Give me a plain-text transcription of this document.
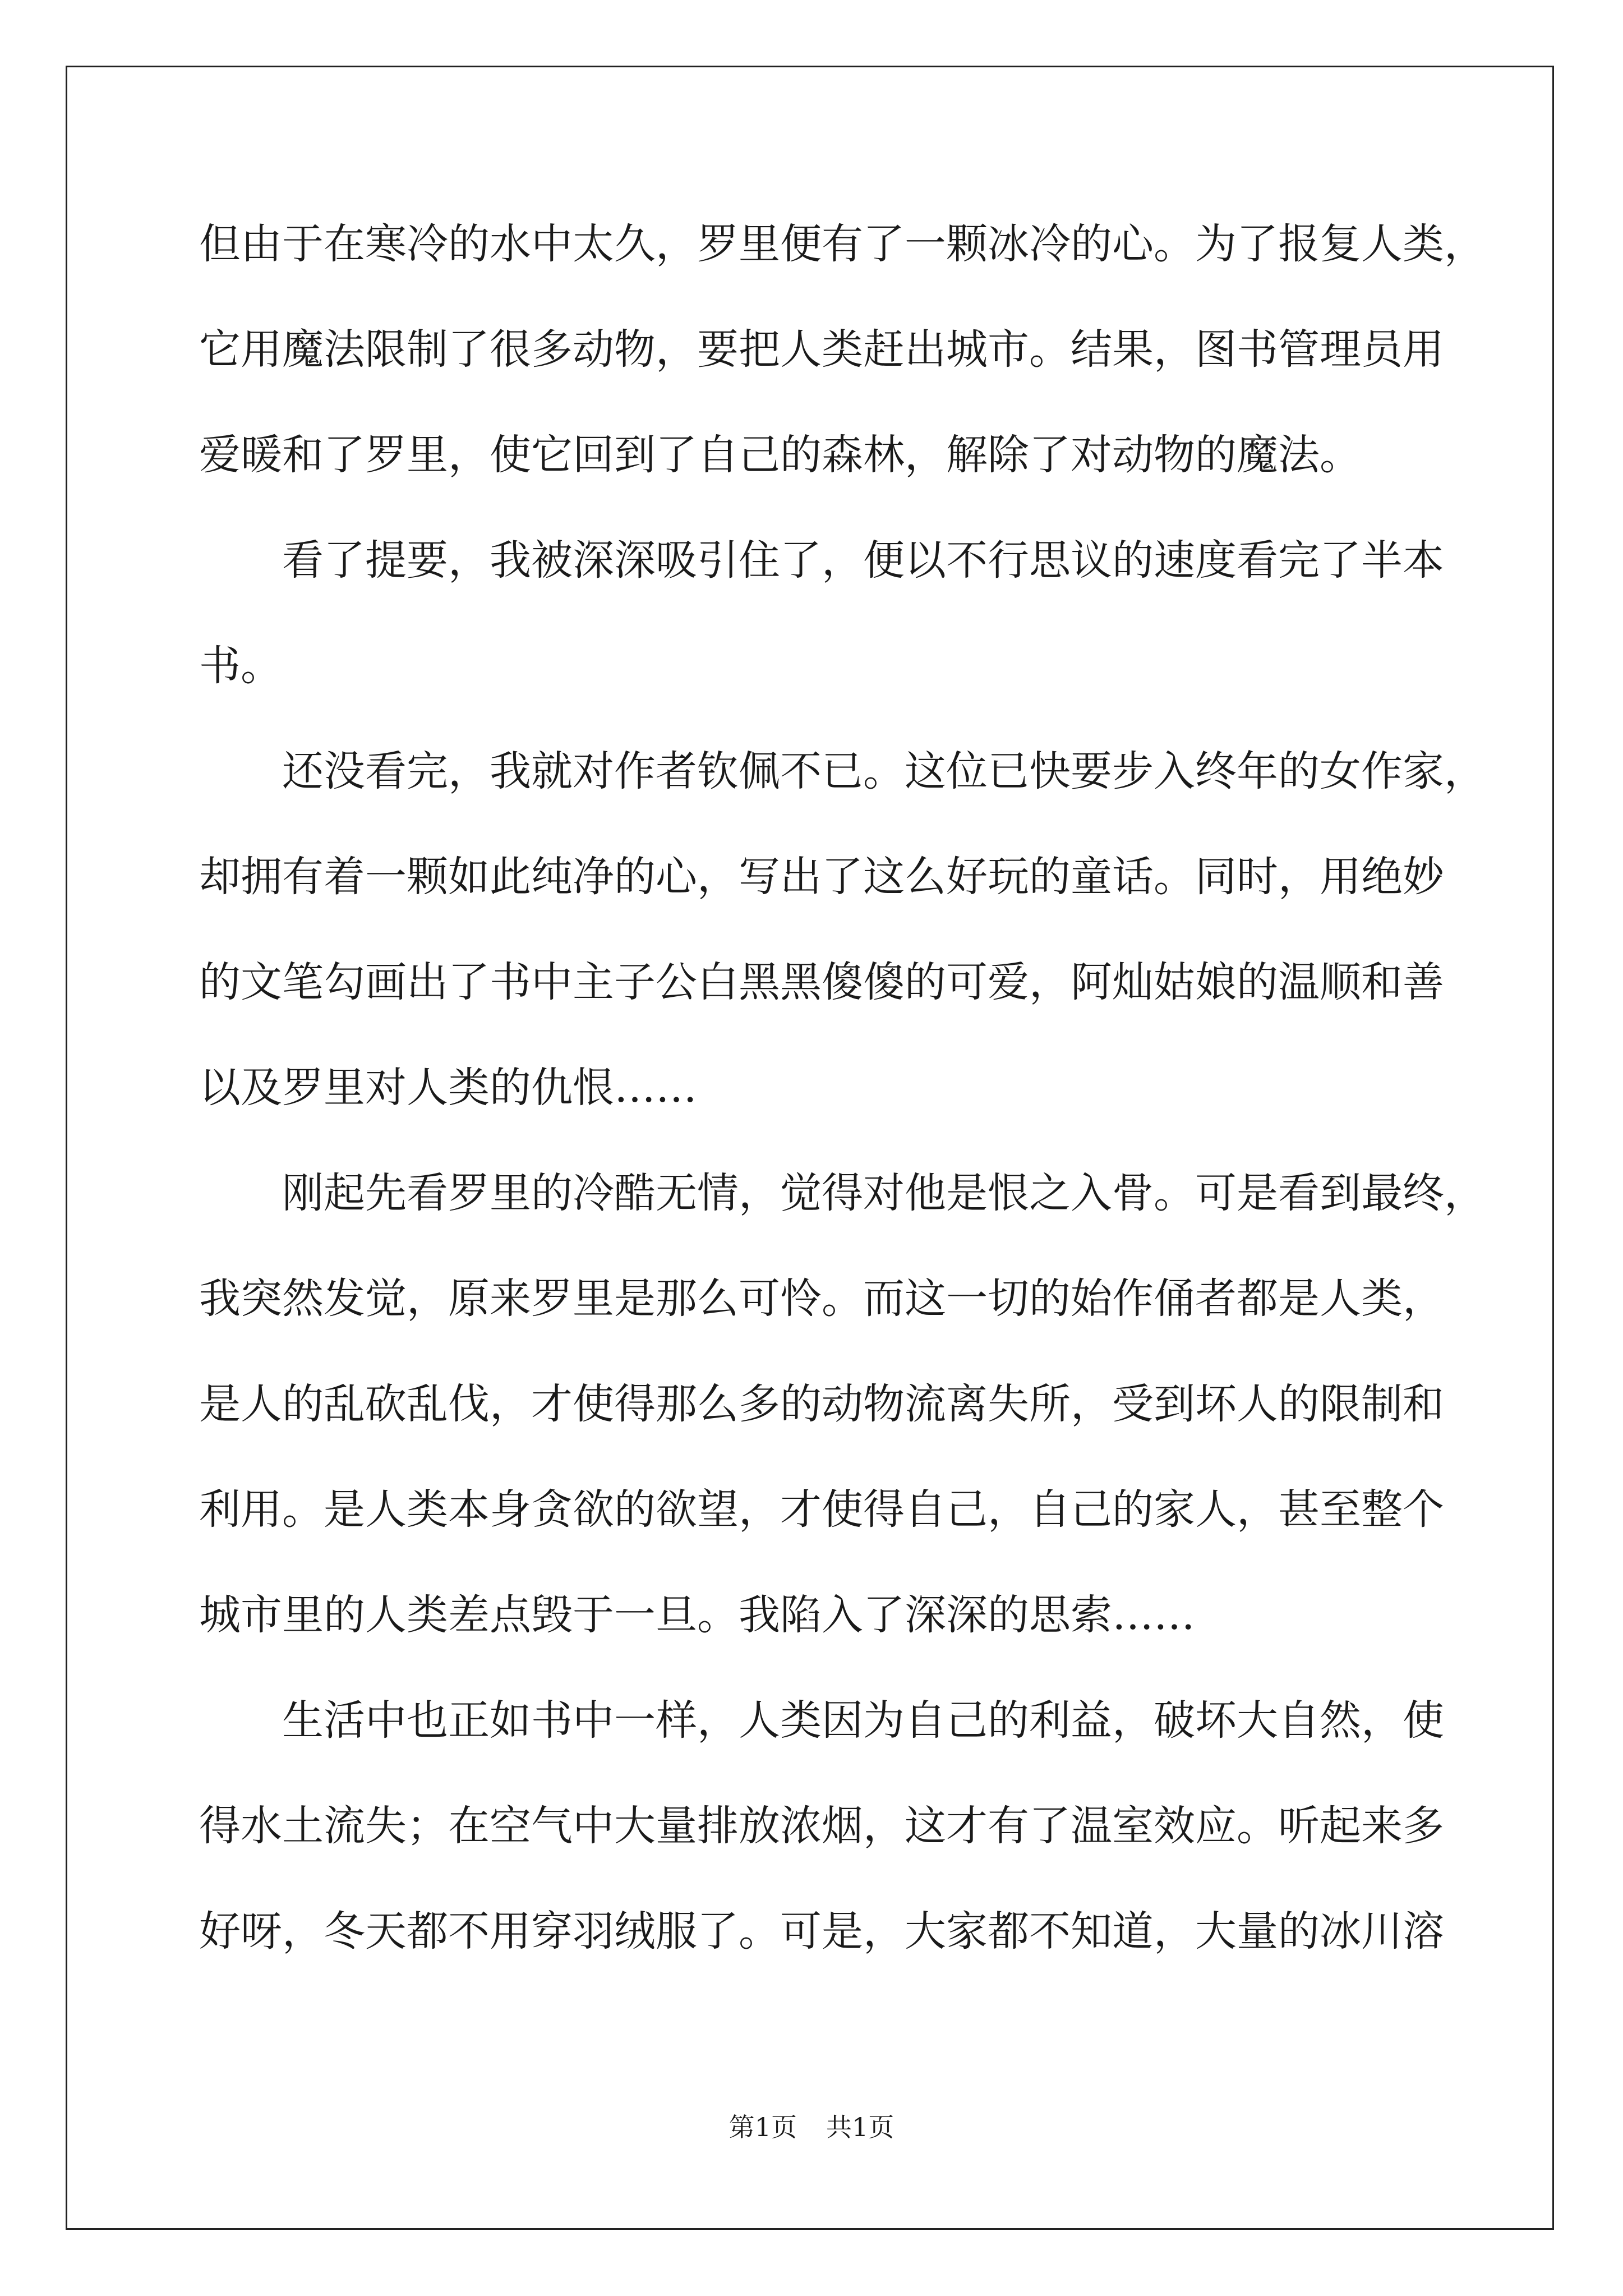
但由于在寒冷的水中太久，罗里便有了一颗冰冷的心。为了报复人类，
它用魔法限制了很多动物，要把人类赶出城市。结果，图书管理员用
爱暖和了罗里，使它回到了自己的森林，解除了对动物的魔法。
看了提要，我被深深吸引住了，便以不行思议的速度看完了半本
书。
还没看完，我就对作者钦佩不已。这位已快要步入终年的女作家，
却拥有着一颗如此纯净的心，写出了这么好玩的童话。同时，用绝妙
的文笔勾画出了书中主子公白黑黑傻傻的可爱，阿灿姑娘的温顺和善
以及罗里对人类的仇恨……
刚起先看罗里的冷酷无情，觉得对他是恨之入骨。可是看到最终，
我突然发觉，原来罗里是那么可怜。而这一切的始作俑者都是人类，
是人的乱砍乱伐，才使得那么多的动物流离失所，受到坏人的限制和
利用。是人类本身贪欲的欲望，才使得自己，自己的家人，甚至整个
城市里的人类差点毁于一旦。我陷入了深深的思索……
生活中也正如书中一样，人类因为自己的利益，破坏大自然，使
得水土流失；在空气中大量排放浓烟，这才有了温室效应。听起来多
好呀，冬天都不用穿羽绒服了。可是，大家都不知道，大量的冰川溶
第1页 共1页
